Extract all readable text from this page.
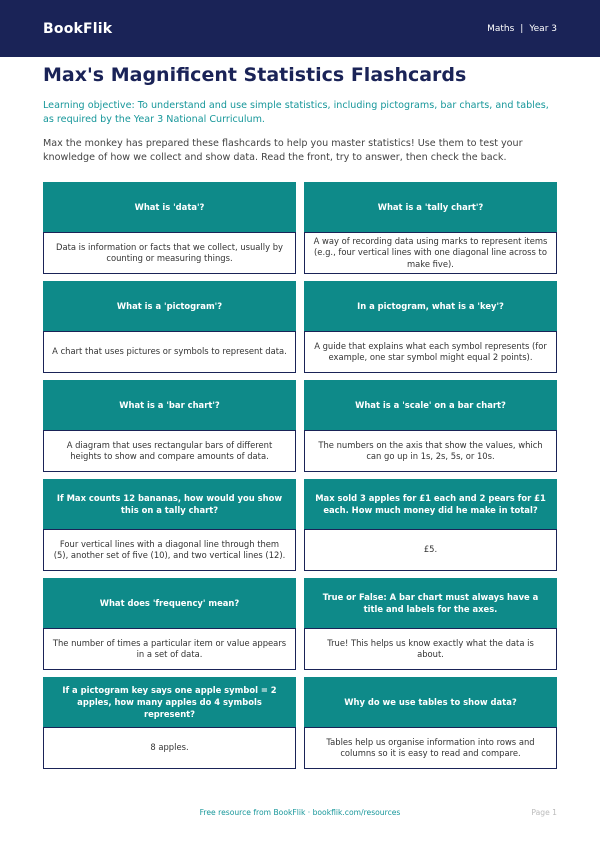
BookFlik	Maths | Year 3
Max's Magnificent Statistics Flashcards
Learning objective: To understand and use simple statistics, including pictograms, bar charts, and tables, as required by the Year 3 National Curriculum.
Max the monkey has prepared these flashcards to help you master statistics! Use them to test your knowledge of how we collect and show data. Read the front, try to answer, then check the back.
What is 'data'?
Data is information or facts that we collect, usually by counting or measuring things.
What is a 'tally chart'?
A way of recording data using marks to represent items (e.g., four vertical lines with one diagonal line across to make five).
What is a 'pictogram'?
A chart that uses pictures or symbols to represent data.
In a pictogram, what is a 'key'?
A guide that explains what each symbol represents (for example, one star symbol might equal 2 points).
What is a 'bar chart'?
A diagram that uses rectangular bars of different heights to show and compare amounts of data.
What is a 'scale' on a bar chart?
The numbers on the axis that show the values, which can go up in 1s, 2s, 5s, or 10s.
If Max counts 12 bananas, how would you show this on a tally chart?
Four vertical lines with a diagonal line through them (5), another set of five (10), and two vertical lines (12).
Max sold 3 apples for £1 each and 2 pears for £1 each. How much money did he make in total?
£5.
What does 'frequency' mean?
The number of times a particular item or value appears in a set of data.
True or False: A bar chart must always have a title and labels for the axes.
True! This helps us know exactly what the data is about.
If a pictogram key says one apple symbol = 2 apples, how many apples do 4 symbols represent?
8 apples.
Why do we use tables to show data?
Tables help us organise information into rows and columns so it is easy to read and compare.
Free resource from BookFlik · bookflik.com/resources	Page 1
